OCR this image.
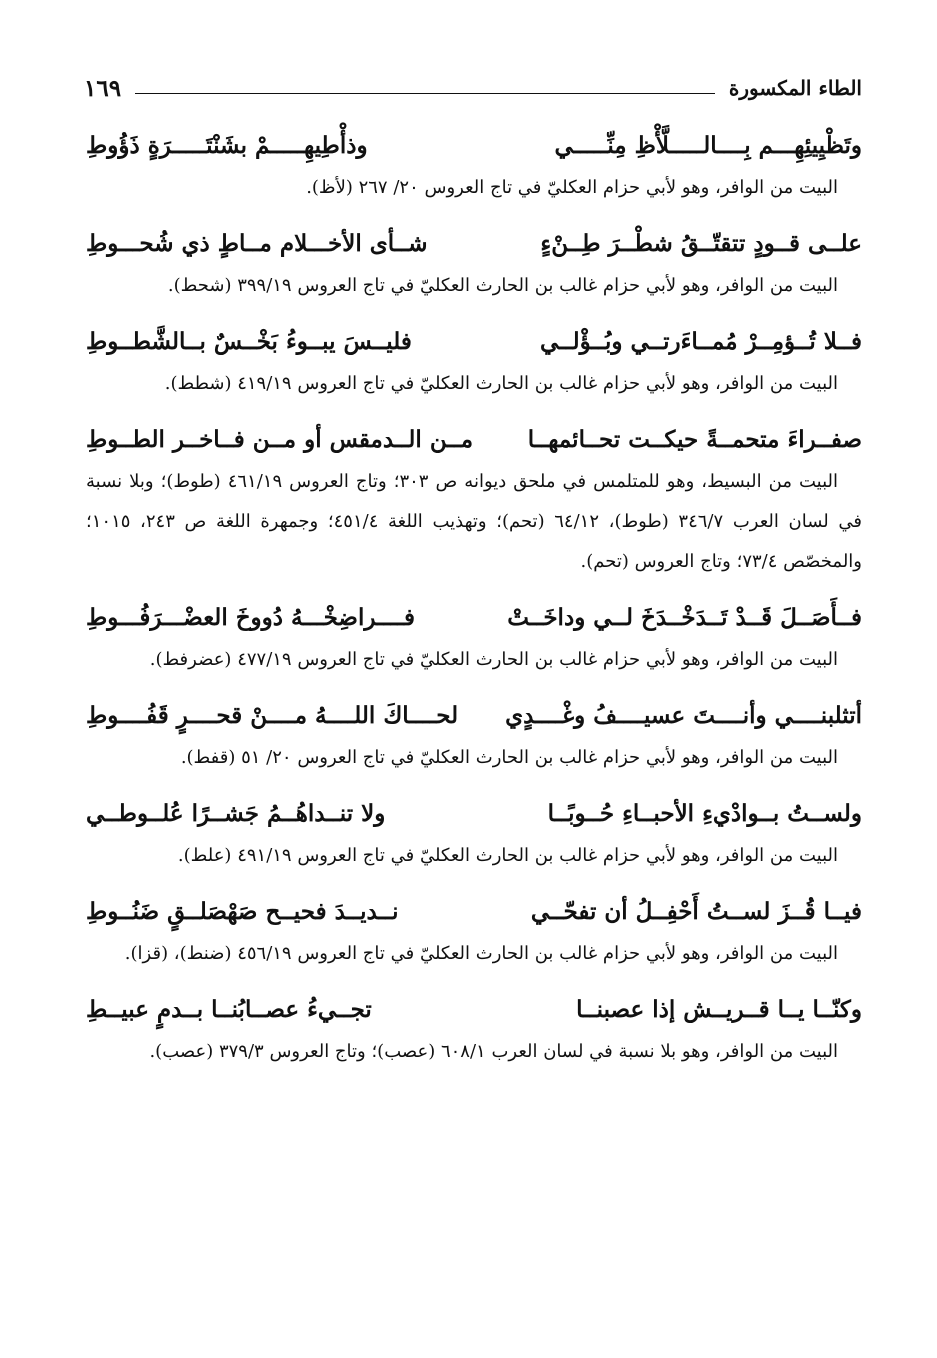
الطاء المكسورة
١٦٩
وتَظْيِيئِهِـــم بِــــالـــــلَّأْظِ مِنِّـــــي
وذأْطِيهِـــــمْ بشَنْتَـــــرَةٍ ذَؤُوطِ

البيت من الوافر، وهو لأبي حزام العكليّ في تاج العروس ٢٠/ ٢٦٧ (لأظ).

علــى قــودٍ تتقتّــقُ شطْــرَ طِــنْءٍ
شــأى الأخـــلام مــاطٍ ذي شُحـــوطِ

البيت من الوافر، وهو لأبي حزام غالب بن الحارث العكليّ في تاج العروس ٣٩٩/١٩ (شحط).

فــلا تُــؤمِــرْ مُمــاءَرتــي وبُــؤْلــي
فليــسَ يبــوءُ بَخْــسٌ بــالشَّطــوطِ

البيت من الوافر، وهو لأبي حزام غالب بن الحارث العكليّ في تاج العروس ٤١٩/١٩ (شطط).

صفــراءَ متحمــةً حيكــت تحــائمهــا
مــن الــدمقس أو مــن فــاخــر الطــوطِ

البيت من البسيط، وهو للمتلمس في ملحق ديوانه ص ٣٠٣؛ وتاج العروس ٤٦١/١٩ (طوط)؛ وبلا نسبة في لسان العرب ٣٤٦/٧ (طوط)، ٦٤/١٢ (تحم)؛ وتهذيب اللغة ٤٥١/٤؛ وجمهرة اللغة ص ٢٤٣، ١٠١٥؛ والمخصّص ٧٣/٤؛ وتاج العروس (تحم).

فــأَصَــلَ قَــدْ تَــدَخْــدَخَ لــي وداخَــتْ
فــــراضِخْـــهُ دُووخَ العضْـــرَفُـــوطِ

البيت من الوافر، وهو لأبي حزام غالب بن الحارث العكليّ في تاج العروس ٤٧٧/١٩ (عضرفط).

أتثلبنــــي وأنــــتَ عسيــــفُ وغْــــدٍي
لحــــاكَ اللــــهُ مــــنْ قحــــرٍ قَفُــــوطِ

البيت من الوافر، وهو لأبي حزام غالب بن الحارث العكليّ في تاج العروس ٢٠/ ٥١ (قفط).

ولســتُ بــوادْيءِ الأحبــاءِ حُــوبًــا
ولا تنــداهُــمُ جَشــرًا عُلــوطــي

البيت من الوافر، وهو لأبي حزام غالب بن الحارث العكليّ في تاج العروس ٤٩١/١٩ (علط).

فيــا قُــزَ لســتُ أَحْفِــلُ أن تفحّــي
نــديــدَ فحيــح صَهْصَلــقٍ ضَنُــوطِ

البيت من الوافر، وهو لأبي حزام غالب بن الحارث العكليّ في تاج العروس ٤٥٦/١٩ (ضنط)، (قزا).

وكنّــا يــا قــريــش إذا عصبنــا
تجــيءُ عصــابُنــا بــدمٍ عبيــطِ

البيت من الوافر، وهو بلا نسبة في لسان العرب ٦٠٨/١ (عصب)؛ وتاج العروس ٣٧٩/٣ (عصب).
